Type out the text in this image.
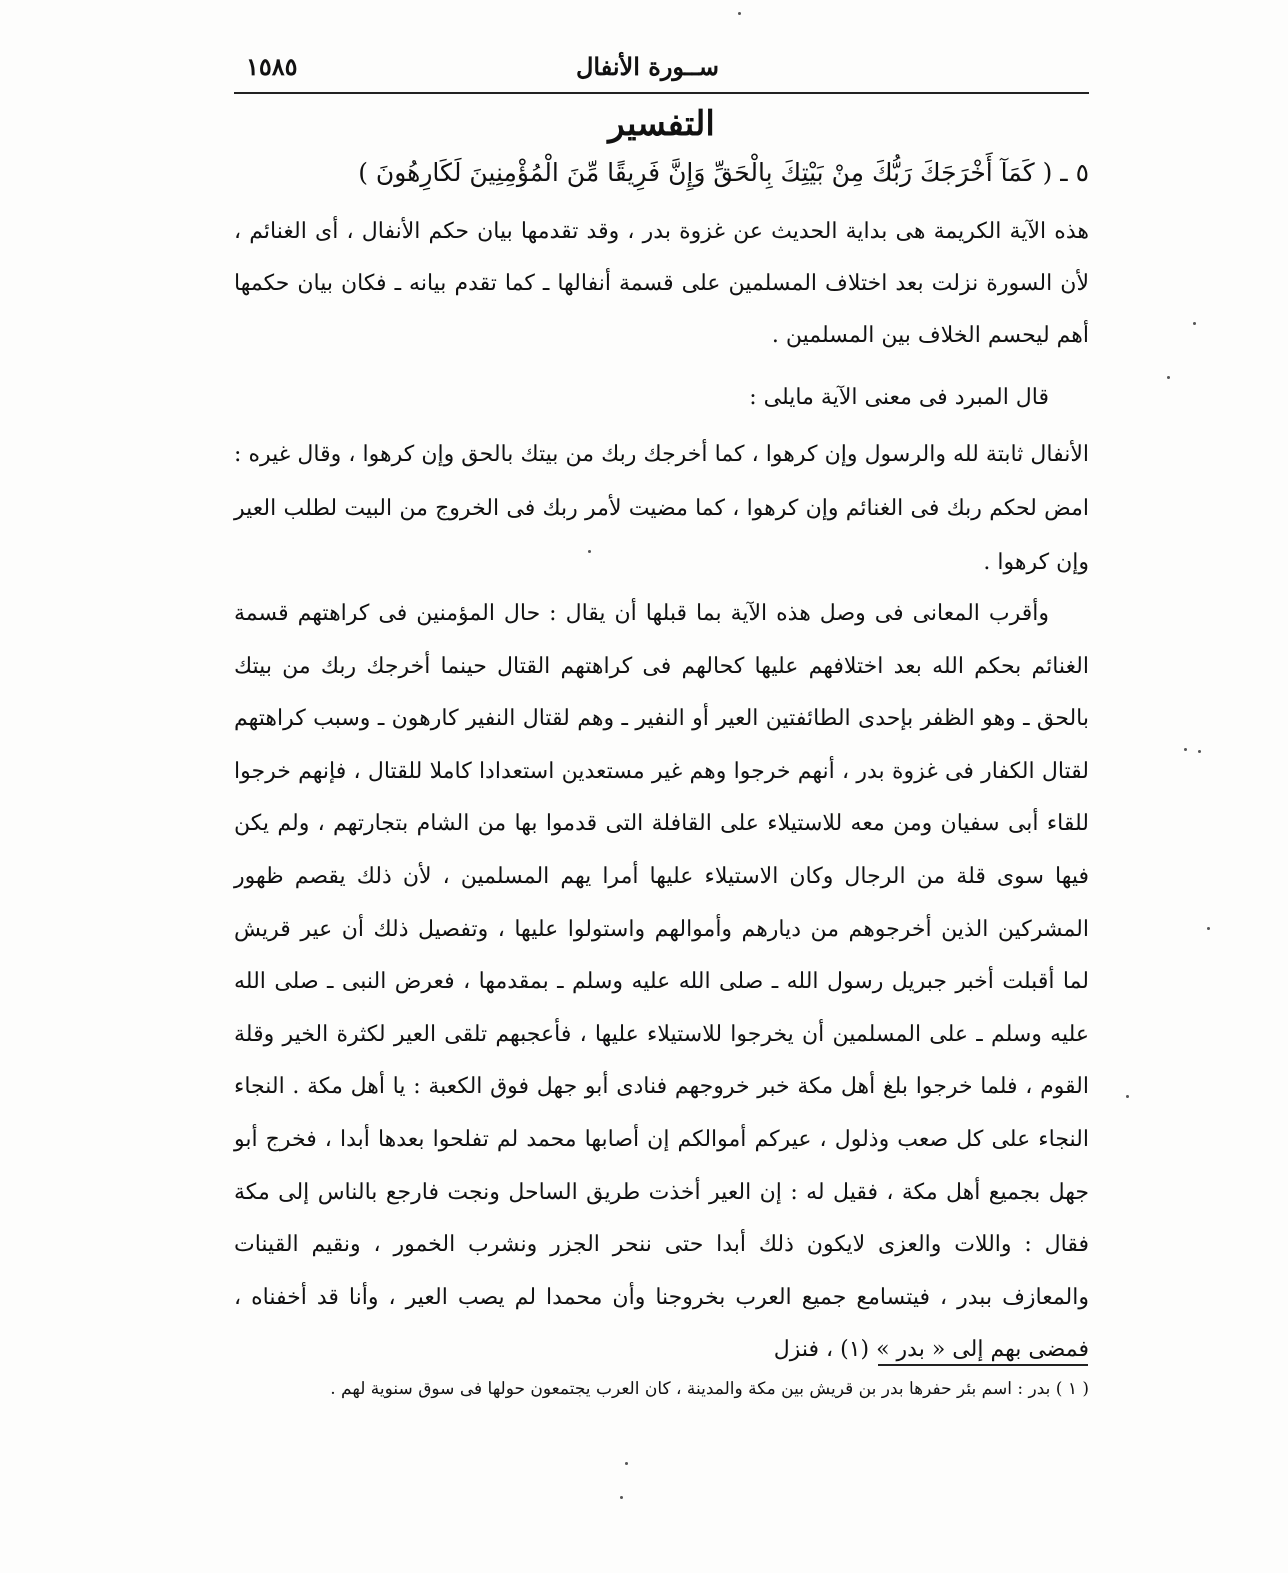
ســورة الأنفال
١٥٨٥
التفسير
٥ ـ ( كَمَآ أَخْرَجَكَ رَبُّكَ مِنْ بَيْتِكَ بِالْحَقِّ وَإِنَّ فَرِيقًا مِّنَ الْمُؤْمِنِينَ لَكَارِهُونَ )
هذه الآية الكريمة هى بداية الحديث عن غزوة بدر ، وقد تقدمها بيان حكم الأنفال ، أى الغنائم ، لأن السورة نزلت بعد اختلاف المسلمين على قسمة أنفالها ـ كما تقدم بيانه ـ فكان بيان حكمها أهم ليحسم الخلاف بين المسلمين .
قال المبرد فى معنى الآية مايلى :
الأنفال ثابتة لله والرسول وإن كرهوا ، كما أخرجك ربك من بيتك بالحق وإن كرهوا ، وقال غيره : امض لحكم ربك فى الغنائم وإن كرهوا ، كما مضيت لأمر ربك فى الخروج من البيت لطلب العير وإن كرهوا .
وأقرب المعانى فى وصل هذه الآية بما قبلها أن يقال : حال المؤمنين فى كراهتهم قسمة الغنائم بحكم الله بعد اختلافهم عليها كحالهم فى كراهتهم القتال حينما أخرجك ربك من بيتك بالحق ـ وهو الظفر بإحدى الطائفتين العير أو النفير ـ وهم لقتال النفير كارهون ـ وسبب كراهتهم لقتال الكفار فى غزوة بدر ، أنهم خرجوا وهم غير مستعدين استعدادا كاملا للقتال ، فإنهم خرجوا للقاء أبى سفيان ومن معه للاستيلاء على القافلة التى قدموا بها من الشام بتجارتهم ، ولم يكن فيها سوى قلة من الرجال وكان الاستيلاء عليها أمرا يهم المسلمين ، لأن ذلك يقصم ظهور المشركين الذين أخرجوهم من ديارهم وأموالهم واستولوا عليها ، وتفصيل ذلك أن عير قريش لما أقبلت أخبر جبريل رسول الله ـ صلى الله عليه وسلم ـ بمقدمها ، فعرض النبى ـ صلى الله عليه وسلم ـ على المسلمين أن يخرجوا للاستيلاء عليها ، فأعجبهم تلقى العير لكثرة الخير وقلة القوم ، فلما خرجوا بلغ أهل مكة خبر خروجهم فنادى أبو جهل فوق الكعبة : يا أهل مكة . النجاء النجاء على كل صعب وذلول ، عيركم أموالكم إن أصابها محمد لم تفلحوا بعدها أبدا ، فخرج أبو جهل بجميع أهل مكة ، فقيل له : إن العير أخذت طريق الساحل ونجت فارجع بالناس إلى مكة فقال : واللات والعزى لايكون ذلك أبدا حتى ننحر الجزر ونشرب الخمور ، ونقيم القينات والمعازف ببدر ، فيتسامع جميع العرب بخروجنا وأن محمدا لم يصب العير ، وأنا قد أخفناه ، فمضى بهم إلى « بدر » (١) ، فنزل
( ١ ) بدر : اسم بئر حفرها بدر بن قريش بين مكة والمدينة ، كان العرب يجتمعون حولها فى سوق سنوية لهم .
